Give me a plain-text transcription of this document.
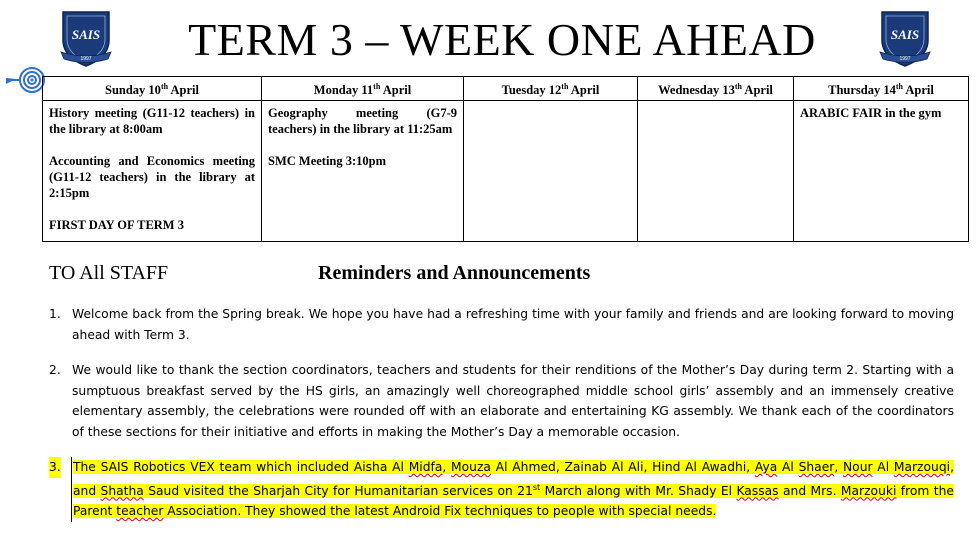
SAIS
1997
SAIS
1997
TERM 3 – WEEK ONE AHEAD
Sunday 10th April	Monday 11th April	Tuesday 12th April	Wednesday 13th April	Thursday 14th April

History meeting (G11-12 teachers) in the library at 8:00am
Accounting and Economics meeting (G11-12 teachers) in the library at 2:15pm
FIRST DAY OF TERM 3	Geography meeting (G7-9 teachers) in the library at 11:25am
SMC Meeting 3:10pm			ARABIC FAIR in the gym
TO All STAFF	Reminders and Announcements
1. Welcome back from the Spring break. We hope you have had a refreshing time with your family and friends and are looking forward to moving ahead with Term 3.
2. We would like to thank the section coordinators, teachers and students for their renditions of the Mother’s Day during term 2. Starting with a sumptuous breakfast served by the HS girls, an amazingly well choreographed middle school girls’ assembly and an immensely creative elementary assembly, the celebrations were rounded off with an elaborate and entertaining KG assembly. We thank each of the coordinators of these sections for their initiative and efforts in making the Mother’s Day a memorable occasion.
3. The SAIS Robotics VEX team which included Aisha Al Midfa, Mouza Al Ahmed, Zainab Al Ali, Hind Al Awadhi, Aya Al Shaer, Nour Al Marzouqi, and Shatha Saud visited the Sharjah City for Humanitarian services on 21st March along with Mr. Shady El Kassas and Mrs. Marzouki from the Parent teacher Association. They showed the latest Android Fix techniques to people with special needs.
